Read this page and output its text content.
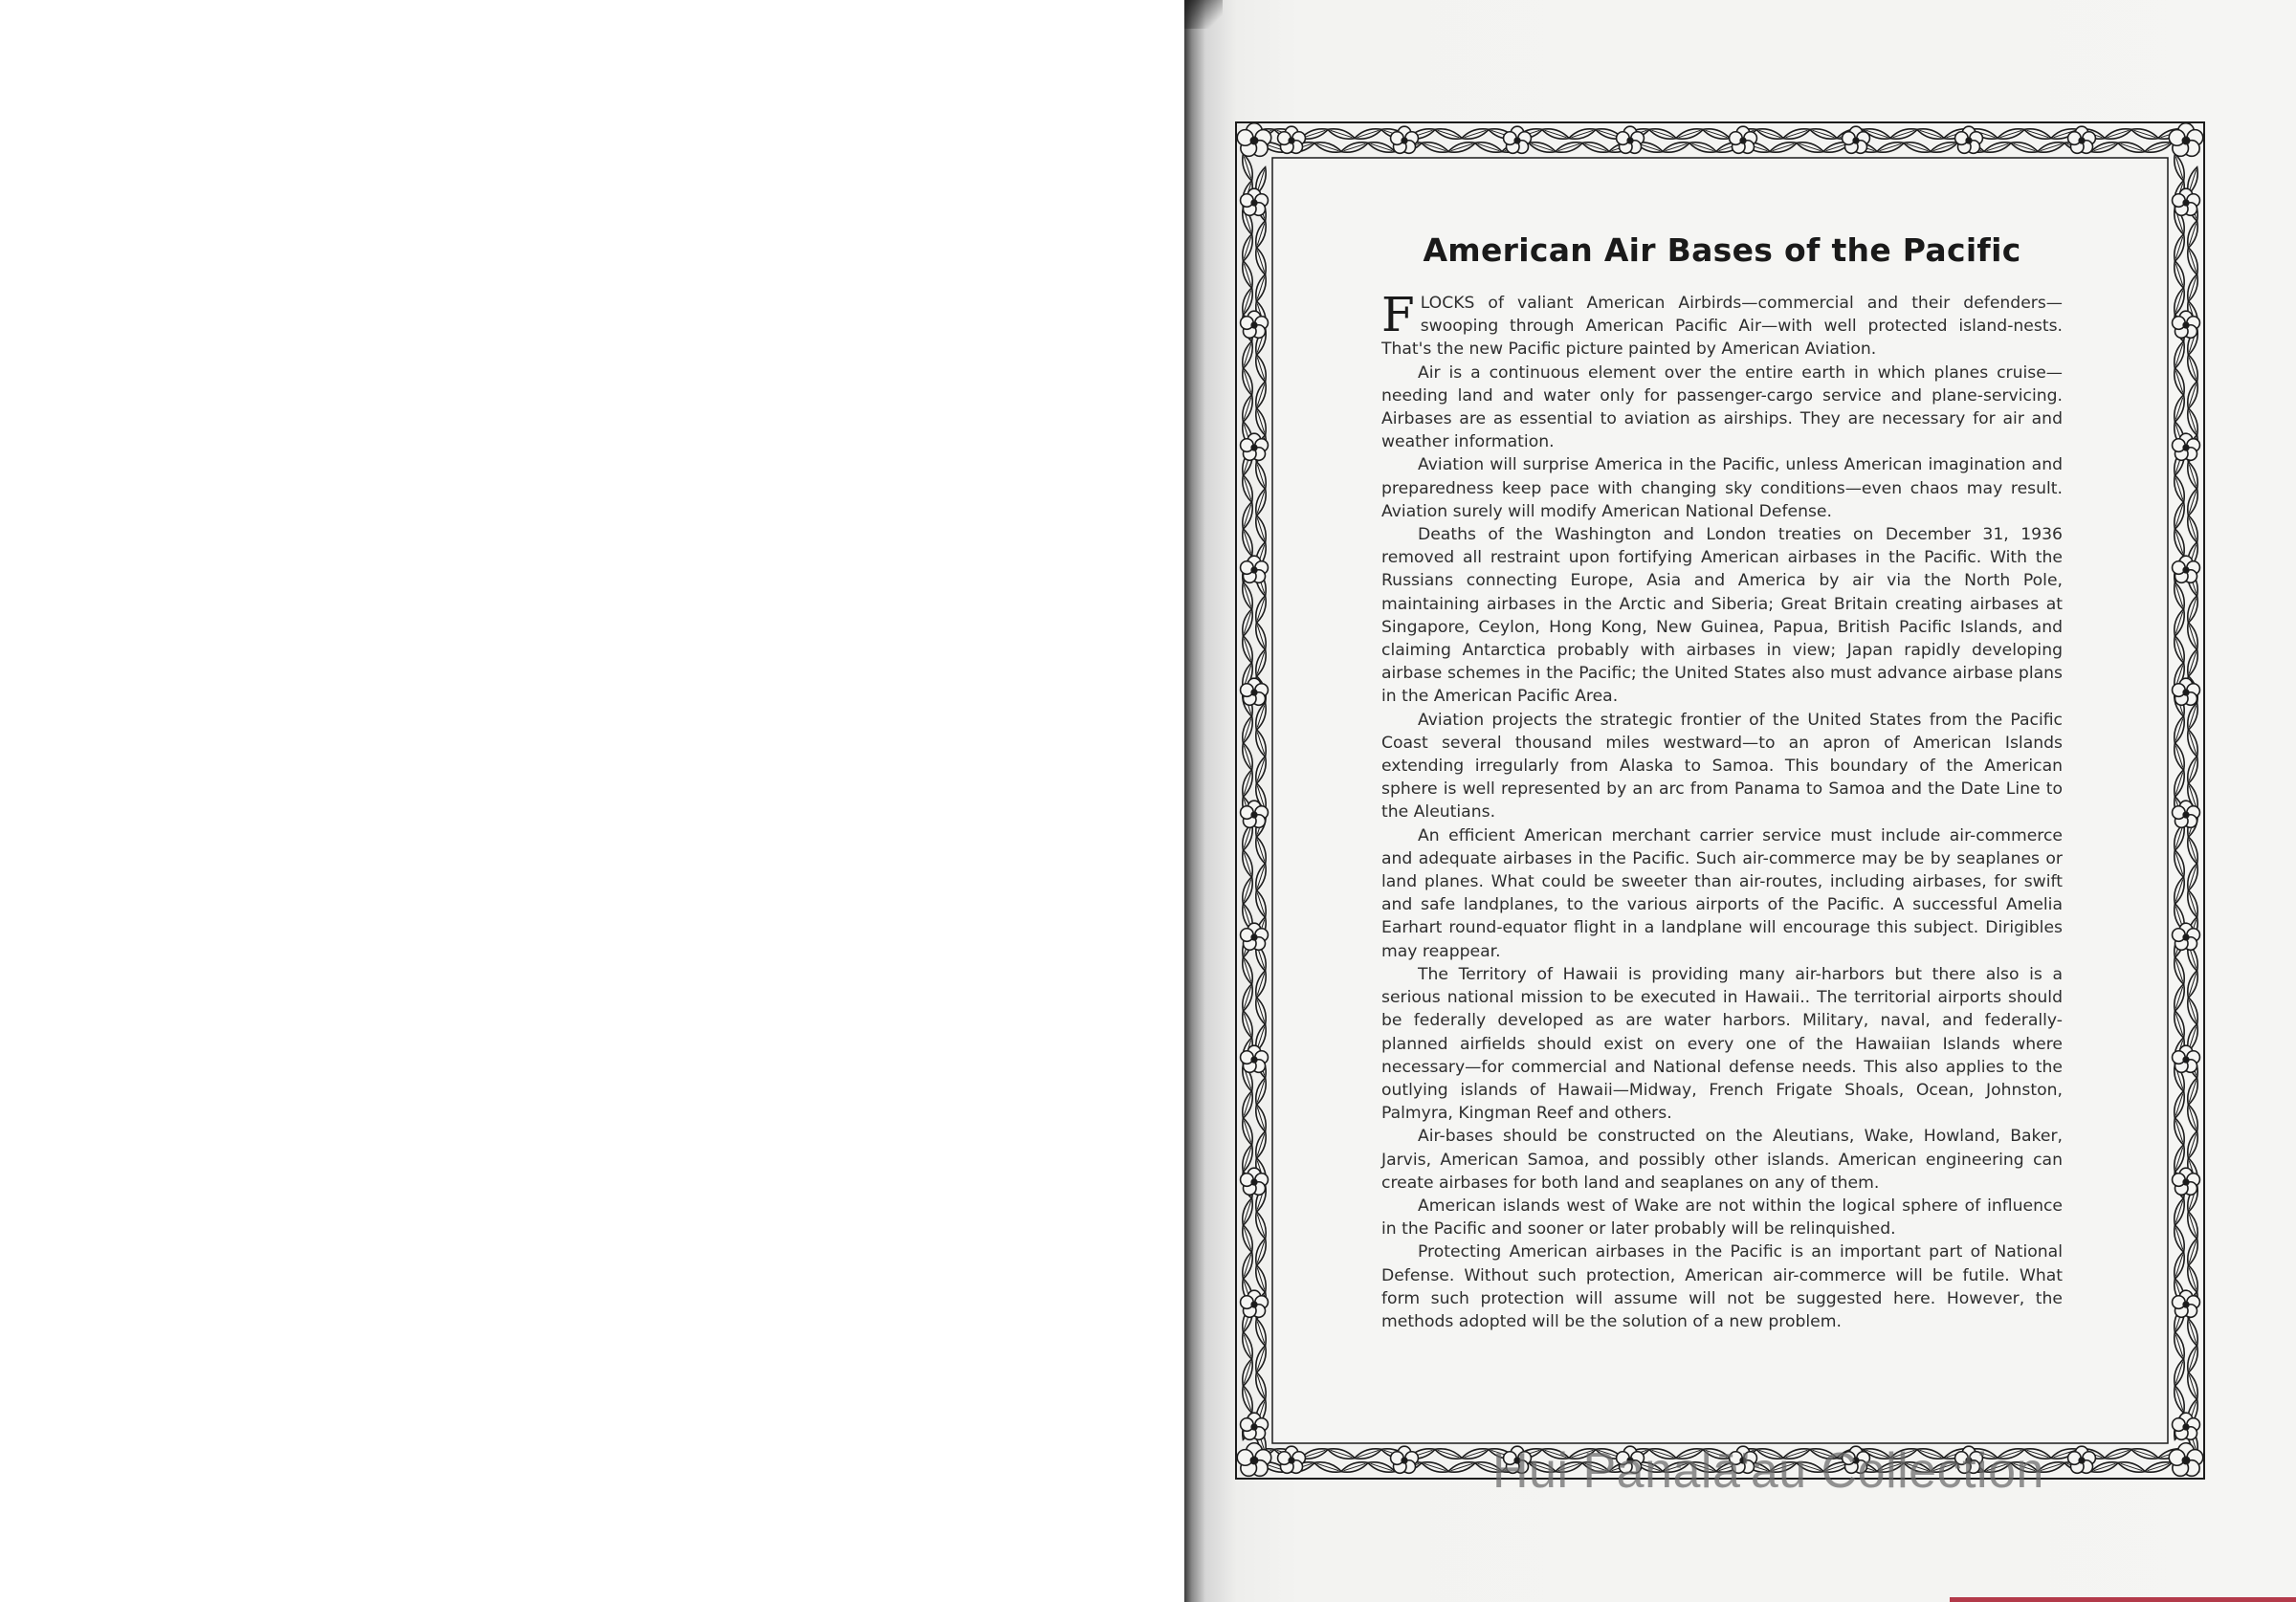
American Air Bases of the Pacific

FLOCKS of valiant American Airbirds—commercial and their defenders—swooping through American Pacific Air—with well protected island-nests. That's the new Pacific picture painted by American Aviation.

Air is a continuous element over the entire earth in which planes cruise—needing land and water only for passenger-cargo service and plane-servicing. Airbases are as essential to aviation as airships. They are necessary for air and weather information.

Aviation will surprise America in the Pacific, unless American imagination and preparedness keep pace with changing sky conditions—even chaos may result. Aviation surely will modify American National Defense.

Deaths of the Washington and London treaties on December 31, 1936 removed all restraint upon fortifying American airbases in the Pacific. With the Russians connecting Europe, Asia and America by air via the North Pole, maintaining airbases in the Arctic and Siberia; Great Britain creating airbases at Singapore, Ceylon, Hong Kong, New Guinea, Papua, British Pacific Islands, and claiming Antarctica probably with airbases in view; Japan rapidly developing airbase schemes in the Pacific; the United States also must advance airbase plans in the American Pacific Area.

Aviation projects the strategic frontier of the United States from the Pacific Coast several thousand miles westward—to an apron of American Islands extending irregularly from Alaska to Samoa. This boundary of the American sphere is well represented by an arc from Panama to Samoa and the Date Line to the Aleutians.

An efficient American merchant carrier service must include air-commerce and adequate airbases in the Pacific. Such air-commerce may be by seaplanes or land planes. What could be sweeter than air-routes, including airbases, for swift and safe landplanes, to the various airports of the Pacific. A successful Amelia Earhart round-equator flight in a landplane will encourage this subject. Dirigibles may reappear.

The Territory of Hawaii is providing many air-harbors but there also is a serious national mission to be executed in Hawaii.. The territorial airports should be federally developed as are water harbors. Military, naval, and federally-planned airfields should exist on every one of the Hawaiian Islands where necessary—for commercial and National defense needs. This also applies to the outlying islands of Hawaii—Midway, French Frigate Shoals, Ocean, Johnston, Palmyra, Kingman Reef and others.

Air-bases should be constructed on the Aleutians, Wake, Howland, Baker, Jarvis, American Samoa, and possibly other islands. American engineering can create airbases for both land and seaplanes on any of them.

American islands west of Wake are not within the logical sphere of influence in the Pacific and sooner or later probably will be relinquished.

Protecting American airbases in the Pacific is an important part of National Defense. Without such protection, American air-commerce will be futile. What form such protection will assume will not be suggested here. However, the methods adopted will be the solution of a new problem.

Hui Panalā'au Collection
